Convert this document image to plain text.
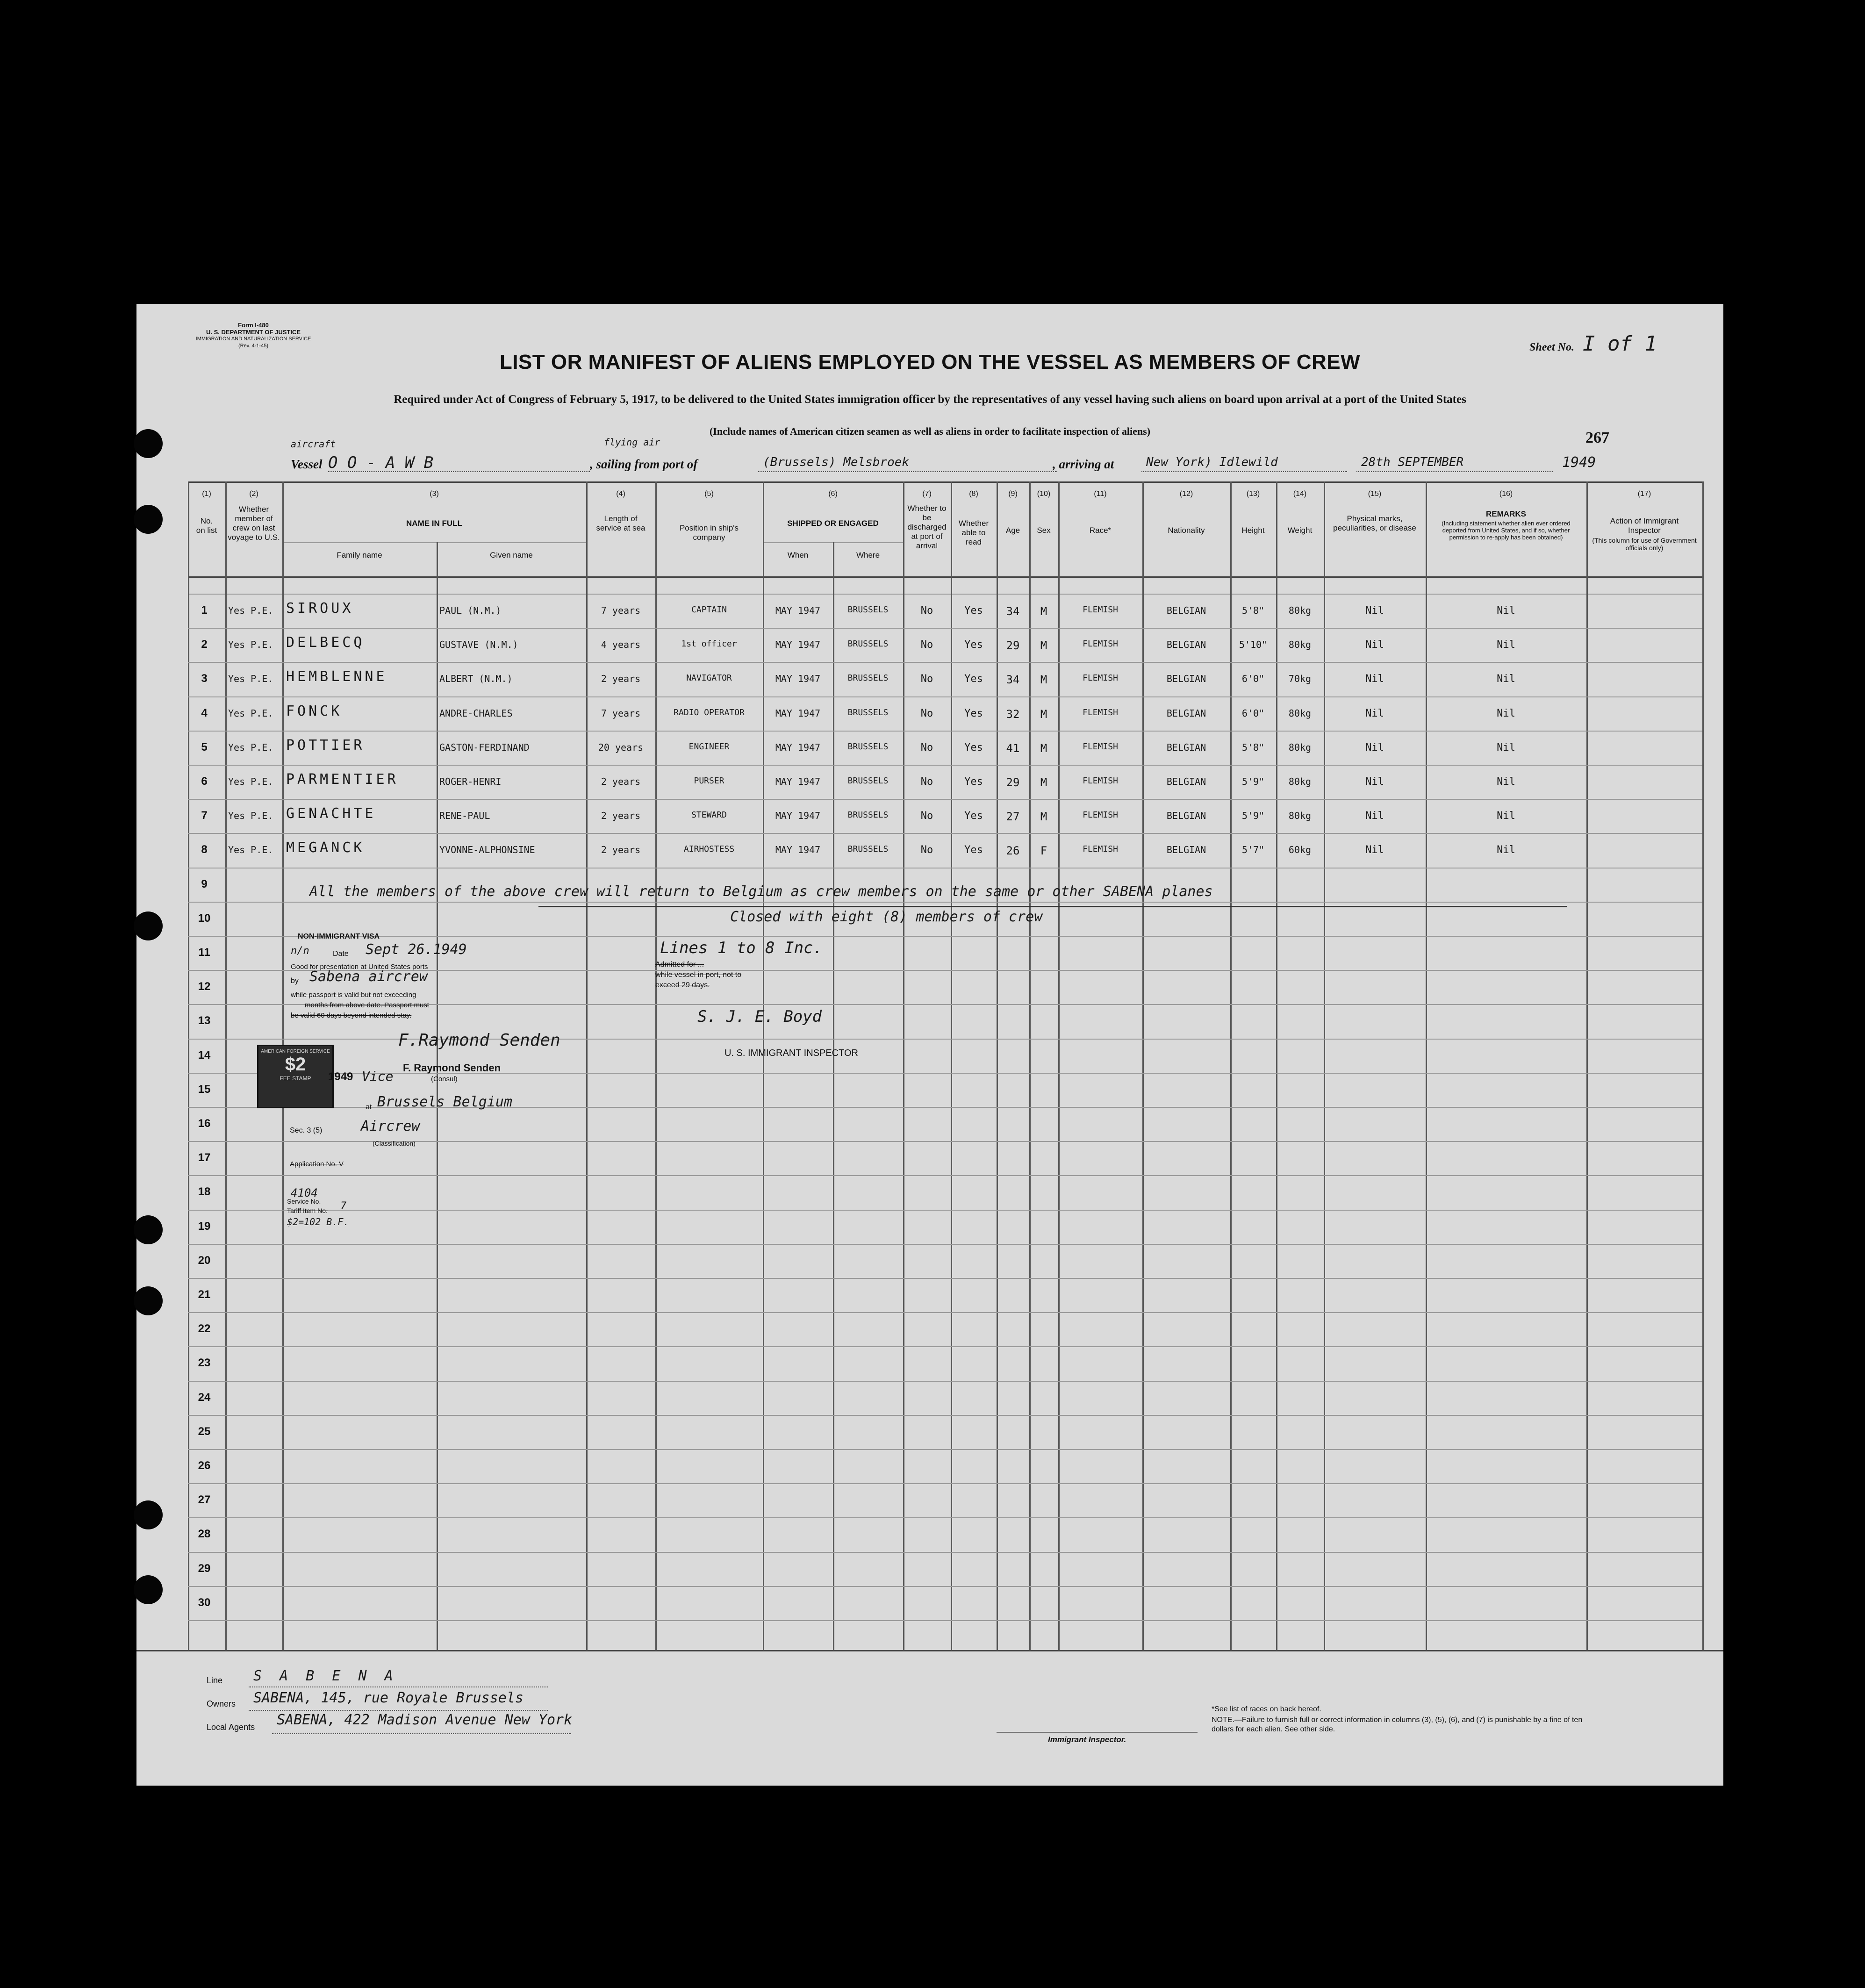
Form I-480
U. S. DEPARTMENT OF JUSTICE
IMMIGRATION AND NATURALIZATION SERVICE
(Rev. 4-1-45)	Sheet No. I of 1
LIST OR MANIFEST OF ALIENS EMPLOYED ON THE VESSEL AS MEMBERS OF CREW
Required under Act of Congress of February 5, 1917, to be delivered to the United States immigration officer by the representatives of any vessel having such aliens on board upon arrival at a port of the United States
(Include names of American citizen seamen as well as aliens in order to facilitate inspection of aliens)	267
aircraft
Vessel O O - A W B	, sailing from port of
flying air
(Brussels) Melsbroek	, arriving at	New York) Idlewild	28th SEPTEMBER	1949
(1)	(2)	(3)	(4)	(5)	(6)	(7)	(8)	(9)	(10)	(11)	(12)	(13)	(14)	(15)	(16)	(17)
No. on list
Whether member of crew on last voyage to U.S.
NAME IN FULL
Family name	Given name
Length of service at sea	Position in ship's company
SHIPPED OR ENGAGED
When	Where
Whether to be discharged at port of arrival
Whether able to read
Age	Sex	Race*	Nationality	Height	Weight
Physical marks, peculiarities, or disease
REMARKS
(Including statement whether alien ever ordered deported from United States, and if so, whether permission to re-apply has been obtained)
Action of Immigrant Inspector
(This column for use of Government officials only)
1	Yes P.E. SIROUX	PAUL (N.M.)	7 years	CAPTAIN	MAY 1947	BRUSSELS	No	Yes	34	M	FLEMISH	BELGIAN	5'8"	80kg	Nil	Nil
2	Yes P.E. DELBECQ	GUSTAVE (N.M.)	4 years	1st officer	MAY 1947	BRUSSELS	No	Yes	29	M	FLEMISH	BELGIAN	5'10"	80kg	Nil	Nil
3	Yes P.E. HEMBLENNE	ALBERT (N.M.)	2 years	NAVIGATOR	MAY 1947	BRUSSELS	No	Yes	34	M	FLEMISH	BELGIAN	6'0"	70kg	Nil	Nil
4	Yes P.E. FONCK	ANDRE-CHARLES	7 years	RADIO OPERATOR	MAY 1947	BRUSSELS	No	Yes	32	M	FLEMISH	BELGIAN	6'0"	80kg	Nil	Nil
5	Yes P.E. POTTIER	GASTON-FERDINAND	20 years	ENGINEER	MAY 1947	BRUSSELS	No	Yes	41	M	FLEMISH	BELGIAN	5'8"	80kg	Nil	Nil
6	Yes P.E. PARMENTIER	ROGER-HENRI	2 years	PURSER	MAY 1947	BRUSSELS	No	Yes	29	M	FLEMISH	BELGIAN	5'9"	80kg	Nil	Nil
7	Yes P.E. GENACHTE	RENE-PAUL	2 years	STEWARD	MAY 1947	BRUSSELS	No	Yes	27	M	FLEMISH	BELGIAN	5'9"	80kg	Nil	Nil
8	Yes P.E. MEGANCK	YVONNE-ALPHONSINE	2 years	AIRHOSTESS	MAY 1947	BRUSSELS	No	Yes	26	F	FLEMISH	BELGIAN	5'7"	60kg	Nil	Nil
9
10
11
12
13
14
15
16
17
18
19
20
21
22
23
24
25
26
27
28
29
30
All the members of the above crew will return to Belgium as crew members on the same or other SABENA planes
Closed with eight (8) members of crew
NON-IMMIGRANT VISA
n/n	Date Sept 26.1949
Good for presentation at United States ports
by Sabena aircrew
while passport is valid but not exceeding
months from above date. Passport must
be valid 60 days beyond intended stay.
AMERICAN FOREIGN SERVICE
$2
FEE STAMP
F.Raymond Senden
F. Raymond Senden
(Consul)
1949 Vice
at Brussels Belgium
Sec. 3 (5)	Aircrew
(Classification)
Application No. V
Service No.
4104
Tariff Item No. 7
$2=102 B.F.
Lines 1 to 8 Inc.
Admitted for ...
while vessel in port, not to
exceed 29 days.
S. J. E. Boyd
U. S. IMMIGRANT INSPECTOR
Line S A B E N A
Owners SABENA, 145, rue Royale Brussels
Local Agents SABENA, 422 Madison Avenue New York
Immigrant Inspector.
*See list of races on back hereof.
NOTE.—Failure to furnish full or correct information in columns (3), (5), (6), and (7) is punishable by a fine of ten dollars for each alien. See other side.
